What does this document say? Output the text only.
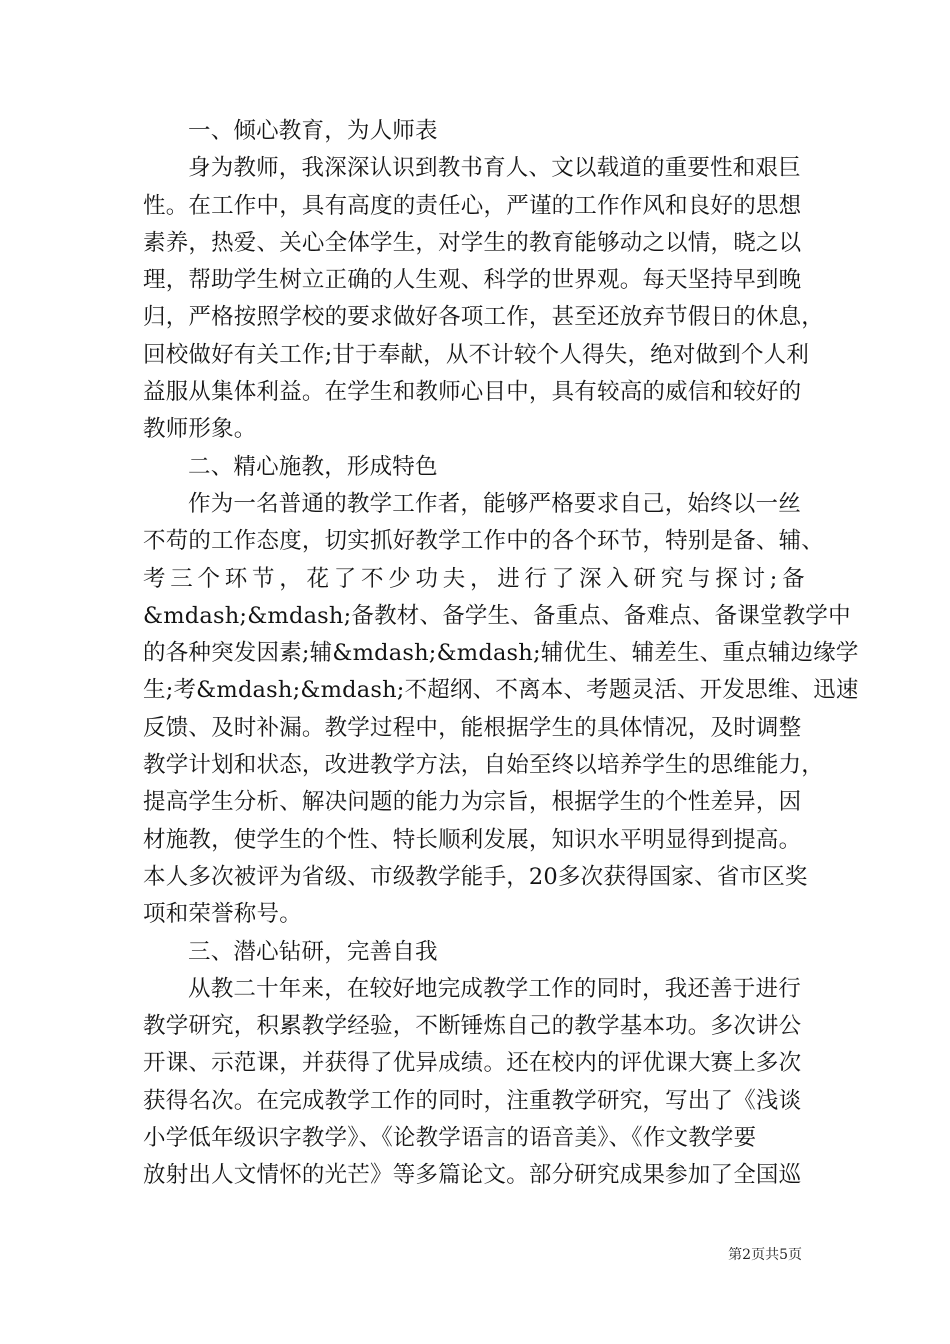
一、倾心教育，为人师表
身为教师，我深深认识到教书育人、文以载道的重要性和艰巨
性。在工作中，具有高度的责任心，严谨的工作作风和良好的思想
素养，热爱、关心全体学生，对学生的教育能够动之以情，晓之以
理，帮助学生树立正确的人生观、科学的世界观。每天坚持早到晚
归，严格按照学校的要求做好各项工作，甚至还放弃节假日的休息，
回校做好有关工作;甘于奉献，从不计较个人得失，绝对做到个人利
益服从集体利益。在学生和教师心目中，具有较高的威信和较好的
教师形象。
二、精心施教，形成特色
作为一名普通的教学工作者，能够严格要求自己，始终以一丝
不苟的工作态度，切实抓好教学工作中的各个环节，特别是备、辅、
考 三 个 环 节 ， 花 了 不 少 功 夫 ， 进 行 了 深 入 研 究 与 探 讨 ; 备
&mdash;&mdash;备教材、备学生、备重点、备难点、备课堂教学中
的各种突发因素;辅&mdash;&mdash;辅优生、辅差生、重点辅边缘学
生;考&mdash;&mdash;不超纲、不离本、考题灵活、开发思维、迅速
反馈、及时补漏。教学过程中，能根据学生的具体情况，及时调整
教学计划和状态，改进教学方法，自始至终以培养学生的思维能力，
提高学生分析、解决问题的能力为宗旨，根据学生的个性差异，因
材施教，使学生的个性、特长顺利发展，知识水平明显得到提高。
本人多次被评为省级、市级教学能手，20多次获得国家、省市区奖
项和荣誉称号。
三、潜心钻研，完善自我
从教二十年来，在较好地完成教学工作的同时，我还善于进行
教学研究，积累教学经验，不断锤炼自己的教学基本功。多次讲公
开课、示范课，并获得了优异成绩。还在校内的评优课大赛上多次
获得名次。在完成教学工作的同时，注重教学研究，写出了《浅谈
小学低年级识字教学》、《论教学语言的语音美》、《作文教学要
放射出人文情怀的光芒》等多篇论文。部分研究成果参加了全国巡
第2页共5页
